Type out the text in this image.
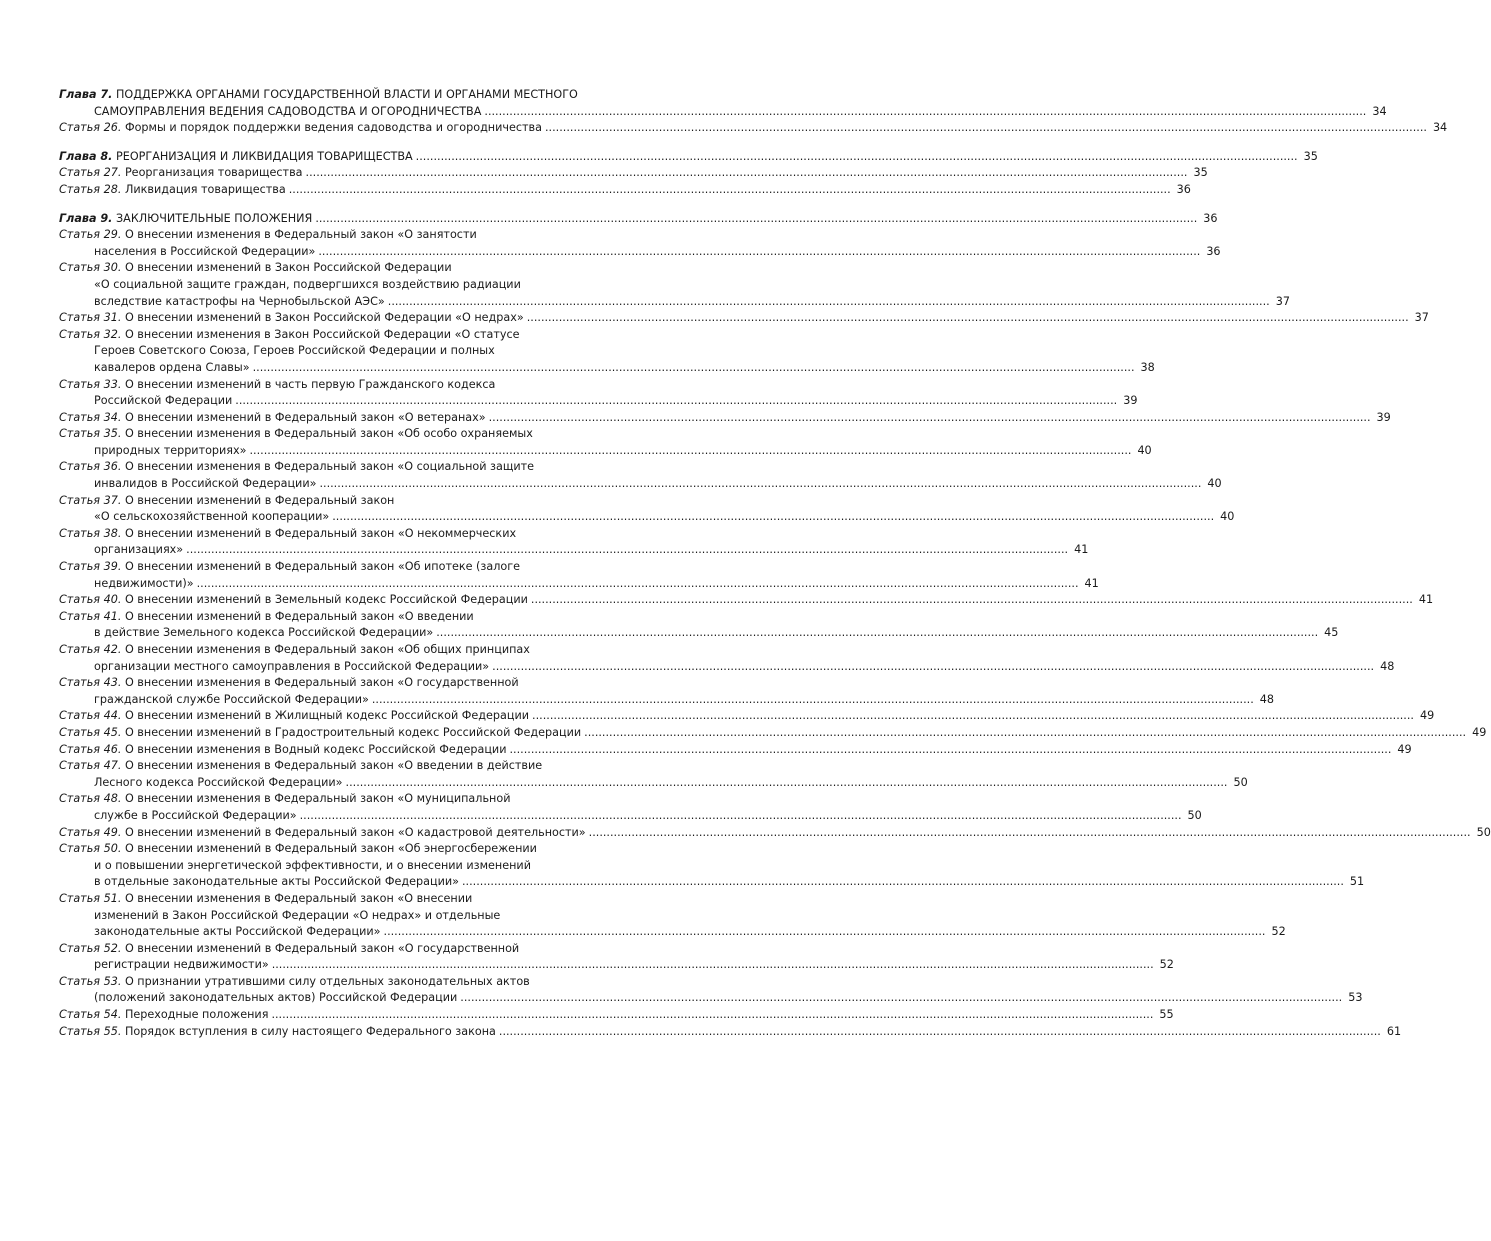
Глава 7. ПОДДЕРЖКА ОРГАНАМИ ГОСУДАРСТВЕННОЙ ВЛАСТИ И ОРГАНАМИ МЕСТНОГО
САМОУПРАВЛЕНИЯ ВЕДЕНИЯ САДОВОДСТВА И ОГОРОДНИЧЕСТВА .....	34
Статья 26. Формы и порядок поддержки ведения садоводства и огородничества .....	34
Глава 8. РЕОРГАНИЗАЦИЯ И ЛИКВИДАЦИЯ ТОВАРИЩЕСТВА .....	35
Статья 27. Реорганизация товарищества .....	35
Статья 28. Ликвидация товарищества .....	36
Глава 9. ЗАКЛЮЧИТЕЛЬНЫЕ ПОЛОЖЕНИЯ .....	36
Статья 29. О внесении изменения в Федеральный закон «О занятости
населения в Российской Федерации» .....	36
Статья 30. О внесении изменений в Закон Российской Федерации
«О социальной защите граждан, подвергшихся воздействию радиации
вследствие катастрофы на Чернобыльской АЭС» .....	37
Статья 31. О внесении изменений в Закон Российской Федерации «О недрах» .....	37
Статья 32. О внесении изменения в Закон Российской Федерации «О статусе
Героев Советского Союза, Героев Российской Федерации и полных
кавалеров ордена Славы» .....	38
Статья 33. О внесении изменений в часть первую Гражданского кодекса
Российской Федерации .....	39
Статья 34. О внесении изменений в Федеральный закон «О ветеранах» .....	39
Статья 35. О внесении изменения в Федеральный закон «Об особо охраняемых
природных территориях» .....	40
Статья 36. О внесении изменения в Федеральный закон «О социальной защите
инвалидов в Российской Федерации» .....	40
Статья 37. О внесении изменений в Федеральный закон
«О сельскохозяйственной кооперации» .....	40
Статья 38. О внесении изменений в Федеральный закон «О некоммерческих
организациях» .....	41
Статья 39. О внесении изменений в Федеральный закон «Об ипотеке (залоге
недвижимости)» .....	41
Статья 40. О внесении изменений в Земельный кодекс Российской Федерации .....	41
Статья 41. О внесении изменений в Федеральный закон «О введении
в действие Земельного кодекса Российской Федерации» .....	45
Статья 42. О внесении изменения в Федеральный закон «Об общих принципах
организации местного самоуправления в Российской Федерации» .....	48
Статья 43. О внесении изменения в Федеральный закон «О государственной
гражданской службе Российской Федерации» .....	48
Статья 44. О внесении изменений в Жилищный кодекс Российской Федерации .....	49
Статья 45. О внесении изменений в Градостроительный кодекс Российской Федерации .....	49
Статья 46. О внесении изменения в Водный кодекс Российской Федерации .....	49
Статья 47. О внесении изменения в Федеральный закон «О введении в действие
Лесного кодекса Российской Федерации» .....	50
Статья 48. О внесении изменения в Федеральный закон «О муниципальной
службе в Российской Федерации» .....	50
Статья 49. О внесении изменений в Федеральный закон «О кадастровой деятельности» .....	50
Статья 50. О внесении изменений в Федеральный закон «Об энергосбережении
и о повышении энергетической эффективности, и о внесении изменений
в отдельные законодательные акты Российской Федерации» .....	51
Статья 51. О внесении изменения в Федеральный закон «О внесении
изменений в Закон Российской Федерации «О недрах» и отдельные
законодательные акты Российской Федерации» .....	52
Статья 52. О внесении изменений в Федеральный закон «О государственной
регистрации недвижимости» .....	52
Статья 53. О признании утратившими силу отдельных законодательных актов
(положений законодательных актов) Российской Федерации .....	53
Статья 54. Переходные положения .....	55
Статья 55. Порядок вступления в силу настоящего Федерального закона .....	61
